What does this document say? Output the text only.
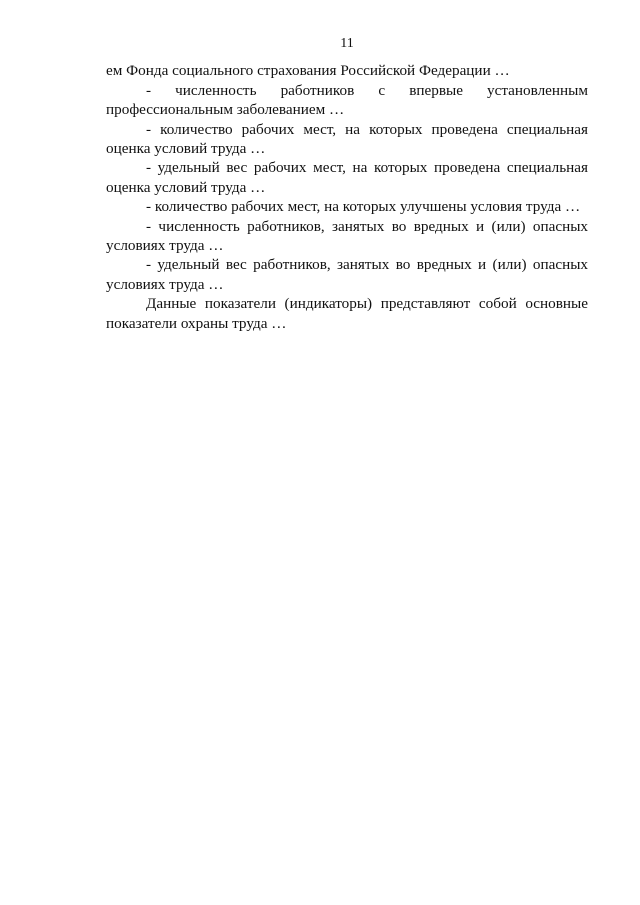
11

ем Фонда социального страхования Российской Федерации …

- численность работников с впервые установленным профессиональным заболеванием …

- количество рабочих мест, на которых проведена специальная оценка условий труда …

- удельный вес рабочих мест, на которых проведена специальная оценка условий труда …

- количество рабочих мест, на которых улучшены условия труда …

- численность работников, занятых во вредных и (или) опасных условиях труда …

- удельный вес работников, занятых во вредных и (или) опасных условиях труда …

Данные показатели (индикаторы) представляют собой основные показатели охраны труда …
